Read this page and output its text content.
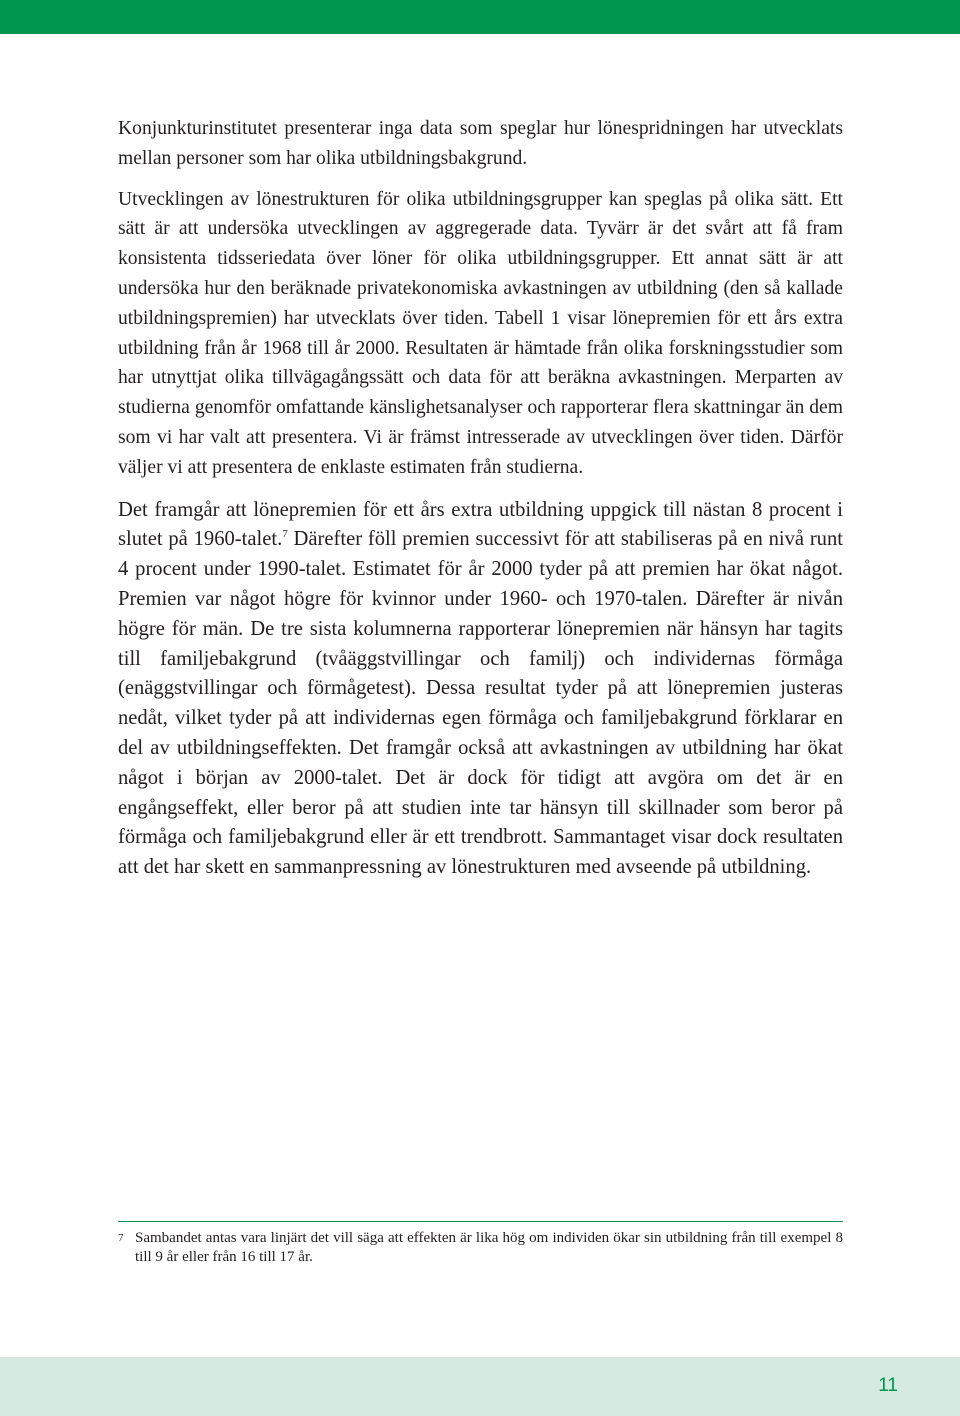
Konjunkturinstitutet presenterar inga data som speglar hur lönespridningen har utvecklats mellan personer som har olika utbildningsbakgrund.

Utvecklingen av lönestrukturen för olika utbildningsgrupper kan speglas på olika sätt. Ett sätt är att undersöka utvecklingen av aggregerade data. Tyvärr är det svårt att få fram konsistenta tidsseriedata över löner för olika utbildningsgrupper. Ett annat sätt är att undersöka hur den beräknade privatekonomiska avkastningen av utbildning (den så kallade utbildningspremien) har utvecklats över tiden. Tabell 1 visar lönepremien för ett års extra utbildning från år 1968 till år 2000. Resultaten är hämtade från olika forskningsstudier som har utnyttjat olika tillvägagångssätt och data för att beräkna avkastningen. Merparten av studierna genomför omfattande känslighetsanalyser och rapporterar flera skattningar än dem som vi har valt att presentera. Vi är främst intresserade av utvecklingen över tiden. Därför väljer vi att presentera de enklaste estimaten från studierna.

Det framgår att lönepremien för ett års extra utbildning uppgick till nästan 8 procent i slutet på 1960-talet.$^7$ Därefter föll premien successivt för att stabiliseras på en nivå runt 4 procent under 1990-talet. Estimatet för år 2000 tyder på att premien har ökat något. Premien var något högre för kvinnor under 1960- och 1970-talen. Därefter är nivån högre för män. De tre sista kolumnerna rapporterar lönepremien när hänsyn har tagits till familjebakgrund (tvåäggstvillingar och familj) och individernas förmåga (enäggstvillingar och förmågetest). Dessa resultat tyder på att lönepremien justeras nedåt, vilket tyder på att individernas egen förmåga och familjebakgrund förklarar en del av utbildningseffekten. Det framgår också att avkastningen av utbildning har ökat något i början av 2000-talet. Det är dock för tidigt att avgöra om det är en engångseffekt, eller beror på att studien inte tar hänsyn till skillnader som beror på förmåga och familjebakgrund eller är ett trendbrott. Sammantaget visar dock resultaten att det har skett en sammanpressning av lönestrukturen med avseende på utbildning.

7 Sambandet antas vara linjärt det vill säga att effekten är lika hög om individen ökar sin utbildning från till exempel 8 till 9 år eller från 16 till 17 år.
11
